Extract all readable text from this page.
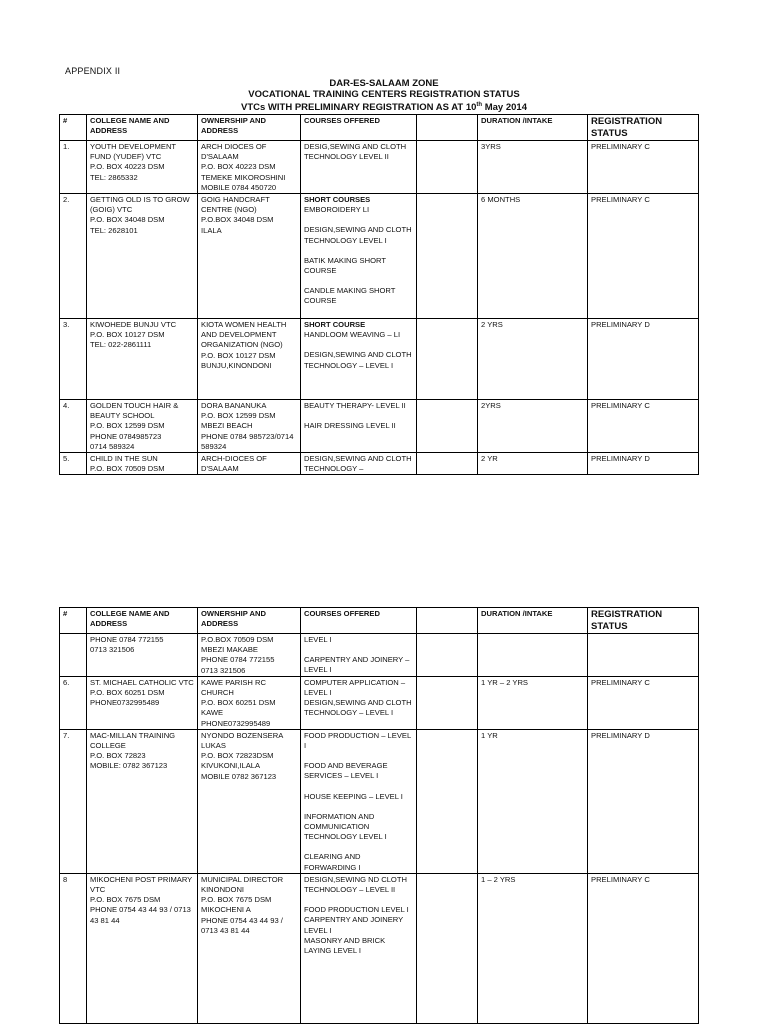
APPENDIX II
DAR-ES-SALAAM ZONE
VOCATIONAL TRAINING CENTERS REGISTRATION STATUS
VTCs WITH PRELIMINARY REGISTRATION AS AT 10th May 2014
#	COLLEGE NAME AND ADDRESS	OWNERSHIP AND ADDRESS	COURSES OFFERED		DURATION /INTAKE	REGISTRATION STATUS
1.	YOUTH DEVELOPMENT FUND (YUDEF) VTC
P.O. BOX 40223 DSM
TEL: 2865332	ARCH DIOCES OF D'SALAAM
P.O. BOX 40223 DSM
TEMEKE MIKOROSHINI
MOBILE 0784 450720	DESIG,SEWING AND CLOTH TECHNOLOGY LEVEL II		3YRS	PRELIMINARY C
2.	GETTING OLD IS TO GROW (GOIG) VTC
P.O. BOX 34048 DSM
TEL: 2628101	GOIG HANDCRAFT CENTRE (NGO)
P.O.BOX 34048 DSM
ILALA	SHORT COURSES
EMBOROIDERY LI
DESIGN,SEWING AND CLOTH TECHNOLOGY LEVEL I
BATIK MAKING SHORT COURSE
CANDLE MAKING SHORT COURSE		6 MONTHS	PRELIMINARY C
3.	KIWOHEDE BUNJU VTC
P.O. BOX 10127 DSM
TEL: 022-2861111	KIOTA WOMEN HEALTH AND DEVELOPMENT ORGANIZATION (NGO)
P.O. BOX 10127 DSM
BUNJU,KINONDONI	SHORT COURSE
HANDLOOM WEAVING – LI
DESIGN,SEWING AND CLOTH TECHNOLOGY – LEVEL I		2 YRS	PRELIMINARY D
4.	GOLDEN TOUCH HAIR & BEAUTY SCHOOL
P.O. BOX 12599 DSM
PHONE 0784985723
0714 589324	DORA BANANUKA
P.O. BOX 12599 DSM
MBEZI BEACH
PHONE 0784 985723/0714 589324	BEAUTY THERAPY- LEVEL II
HAIR DRESSING LEVEL II		2YRS	PRELIMINARY C
5.	CHILD IN THE SUN
P.O. BOX 70509 DSM	ARCH-DIOCES OF D'SALAAM	DESIGN,SEWING AND CLOTH TECHNOLOGY –		2 YR	PRELIMINARY D
#	COLLEGE NAME AND ADDRESS	OWNERSHIP AND ADDRESS	COURSES OFFERED		DURATION /INTAKE	REGISTRATION STATUS

	PHONE 0784 772155
0713 321506	P.O.BOX 70509 DSM
MBEZI MAKABE
PHONE 0784 772155
0713 321506	LEVEL I
CARPENTRY AND JOINERY – LEVEL I			

6.	ST. MICHAEL CATHOLIC VTC
P.O. BOX 60251 DSM
PHONE0732995489	KAWE PARISH RC CHURCH
P.O. BOX 60251 DSM
KAWE
PHONE0732995489	COMPUTER APPLICATION – LEVEL I
DESIGN,SEWING AND CLOTH TECHNOLOGY – LEVEL I		1 YR – 2 YRS	PRELIMINARY C
7.	MAC-MILLAN TRAINING COLLEGE
P.O. BOX 72823
MOBILE: 0782 367123	NYONDO BOZENSERA LUKAS
P.O. BOX 72823DSM
KIVUKONI,ILALA
MOBILE 0782 367123	FOOD PRODUCTION – LEVEL I
FOOD AND BEVERAGE SERVICES – LEVEL I
HOUSE KEEPING – LEVEL I
INFORMATION AND COMMUNICATION TECHNOLOGY LEVEL I
CLEARING AND FORWARDING I		1 YR	PRELIMINARY D
8	MIKOCHENI POST PRIMARY VTC
P.O. BOX 7675 DSM
PHONE 0754 43 44 93 / 0713 43 81 44	MUNICIPAL DIRECTOR KINONDONI
P.O. BOX 7675 DSM
MIKOCHENI A
PHONE 0754 43 44 93 / 0713 43 81 44	DESIGN,SEWING ND CLOTH TECHNOLOGY – LEVEL II
FOOD PRODUCTION LEVEL I
CARPENTRY AND JOINERY LEVEL I
MASONRY AND BRICK LAYING LEVEL I		1 – 2 YRS	PRELIMINARY C
